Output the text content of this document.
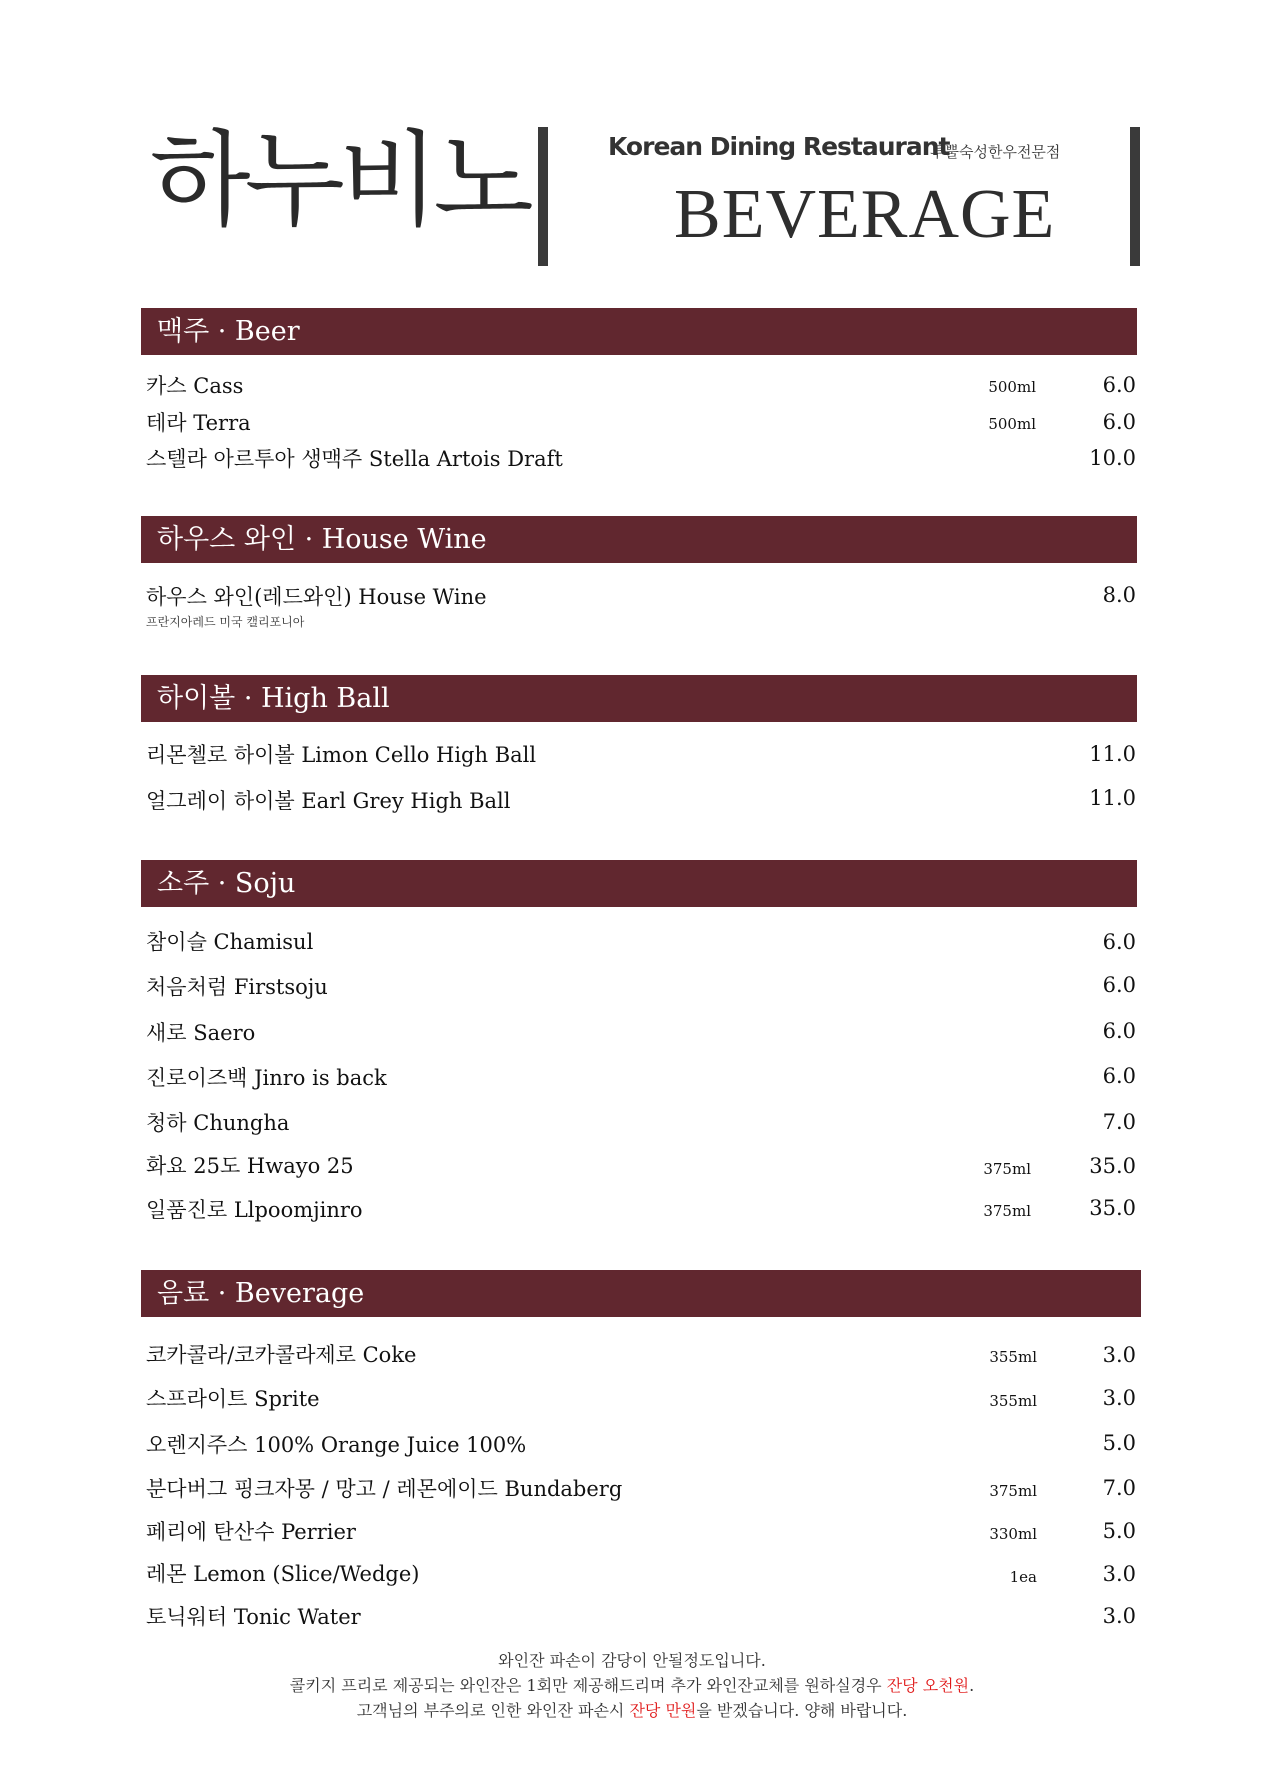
하누비노	Korean Dining Restaurant
투뿔숙성한우전문점
BEVERAGE
맥주 · Beer
카스 Cass	500ml	6.0
테라 Terra	500ml	6.0
스텔라 아르투아 생맥주 Stella Artois Draft	10.0
하우스 와인 · House Wine
하우스 와인(레드와인) House Wine	8.0
프란지아레드 미국 캘리포니아
하이볼 · High Ball
리몬첼로 하이볼 Limon Cello High Ball	11.0
얼그레이 하이볼 Earl Grey High Ball	11.0
소주 · Soju
참이슬 Chamisul	6.0
처음처럼 Firstsoju	6.0
새로 Saero	6.0
진로이즈백 Jinro is back	6.0
청하 Chungha	7.0
화요 25도 Hwayo 25	375ml	35.0
일품진로 Llpoomjinro	375ml	35.0
음료 · Beverage
코카콜라/코카콜라제로 Coke	355ml	3.0
스프라이트 Sprite	355ml	3.0
오렌지주스 100% Orange Juice 100%	5.0
분다버그 핑크자몽 / 망고 / 레몬에이드 Bundaberg	375ml	7.0
페리에 탄산수 Perrier	330ml	5.0
레몬 Lemon (Slice/Wedge)	1ea	3.0
토닉워터 Tonic Water	3.0
와인잔 파손이 감당이 안될정도입니다.
콜키지 프리로 제공되는 와인잔은 1회만 제공해드리며 추가 와인잔교체를 원하실경우 잔당 오천원.
고객님의 부주의로 인한 와인잔 파손시 잔당 만원을 받겠습니다. 양해 바랍니다.
